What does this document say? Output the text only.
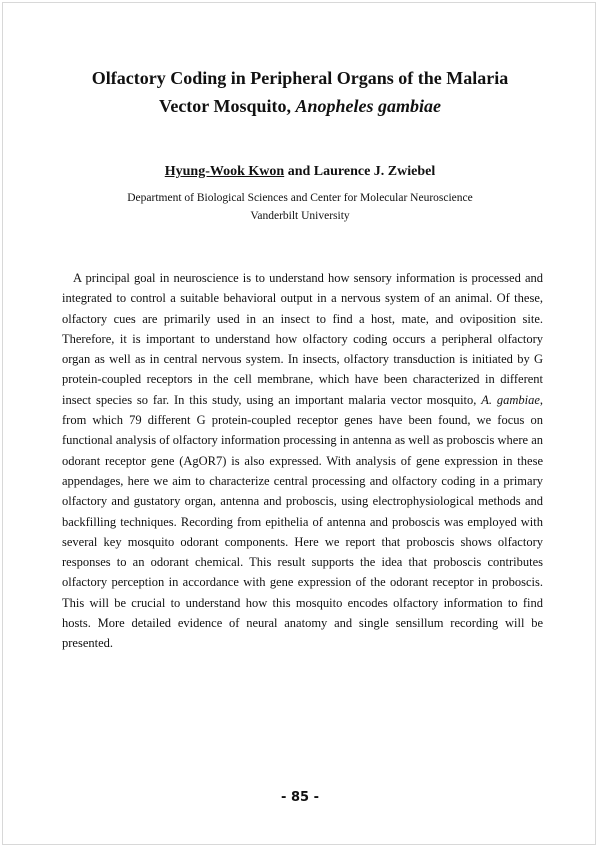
Olfactory Coding in Peripheral Organs of the Malaria
Vector Mosquito, Anopheles gambiae
Hyung-Wook Kwon and Laurence J. Zwiebel
Department of Biological Sciences and Center for Molecular Neuroscience
Vanderbilt University

A principal goal in neuroscience is to understand how sensory information is processed and integrated to control a suitable behavioral output in a nervous system of an animal. Of these, olfactory cues are primarily used in an insect to find a host, mate, and oviposition site. Therefore, it is important to understand how olfactory coding occurs a peripheral olfactory organ as well as in central nervous system. In insects, olfactory transduction is initiated by G protein-coupled receptors in the cell membrane, which have been characterized in different insect species so far. In this study, using an important malaria vector mosquito, A. gambiae, from which 79 different G protein-coupled receptor genes have been found, we focus on functional analysis of olfactory information processing in antenna as well as proboscis where an odorant receptor gene (AgOR7) is also expressed. With analysis of gene expression in these appendages, here we aim to characterize central processing and olfactory coding in a primary olfactory and gustatory organ, antenna and proboscis, using electrophysiological methods and backfilling techniques. Recording from epithelia of antenna and proboscis was employed with several key mosquito odorant components. Here we report that proboscis shows olfactory responses to an odorant chemical. This result supports the idea that proboscis contributes olfactory perception in accordance with gene expression of the odorant receptor in proboscis. This will be crucial to understand how this mosquito encodes olfactory information to find hosts. More detailed evidence of neural anatomy and single sensillum recording will be presented.

- 85 -
